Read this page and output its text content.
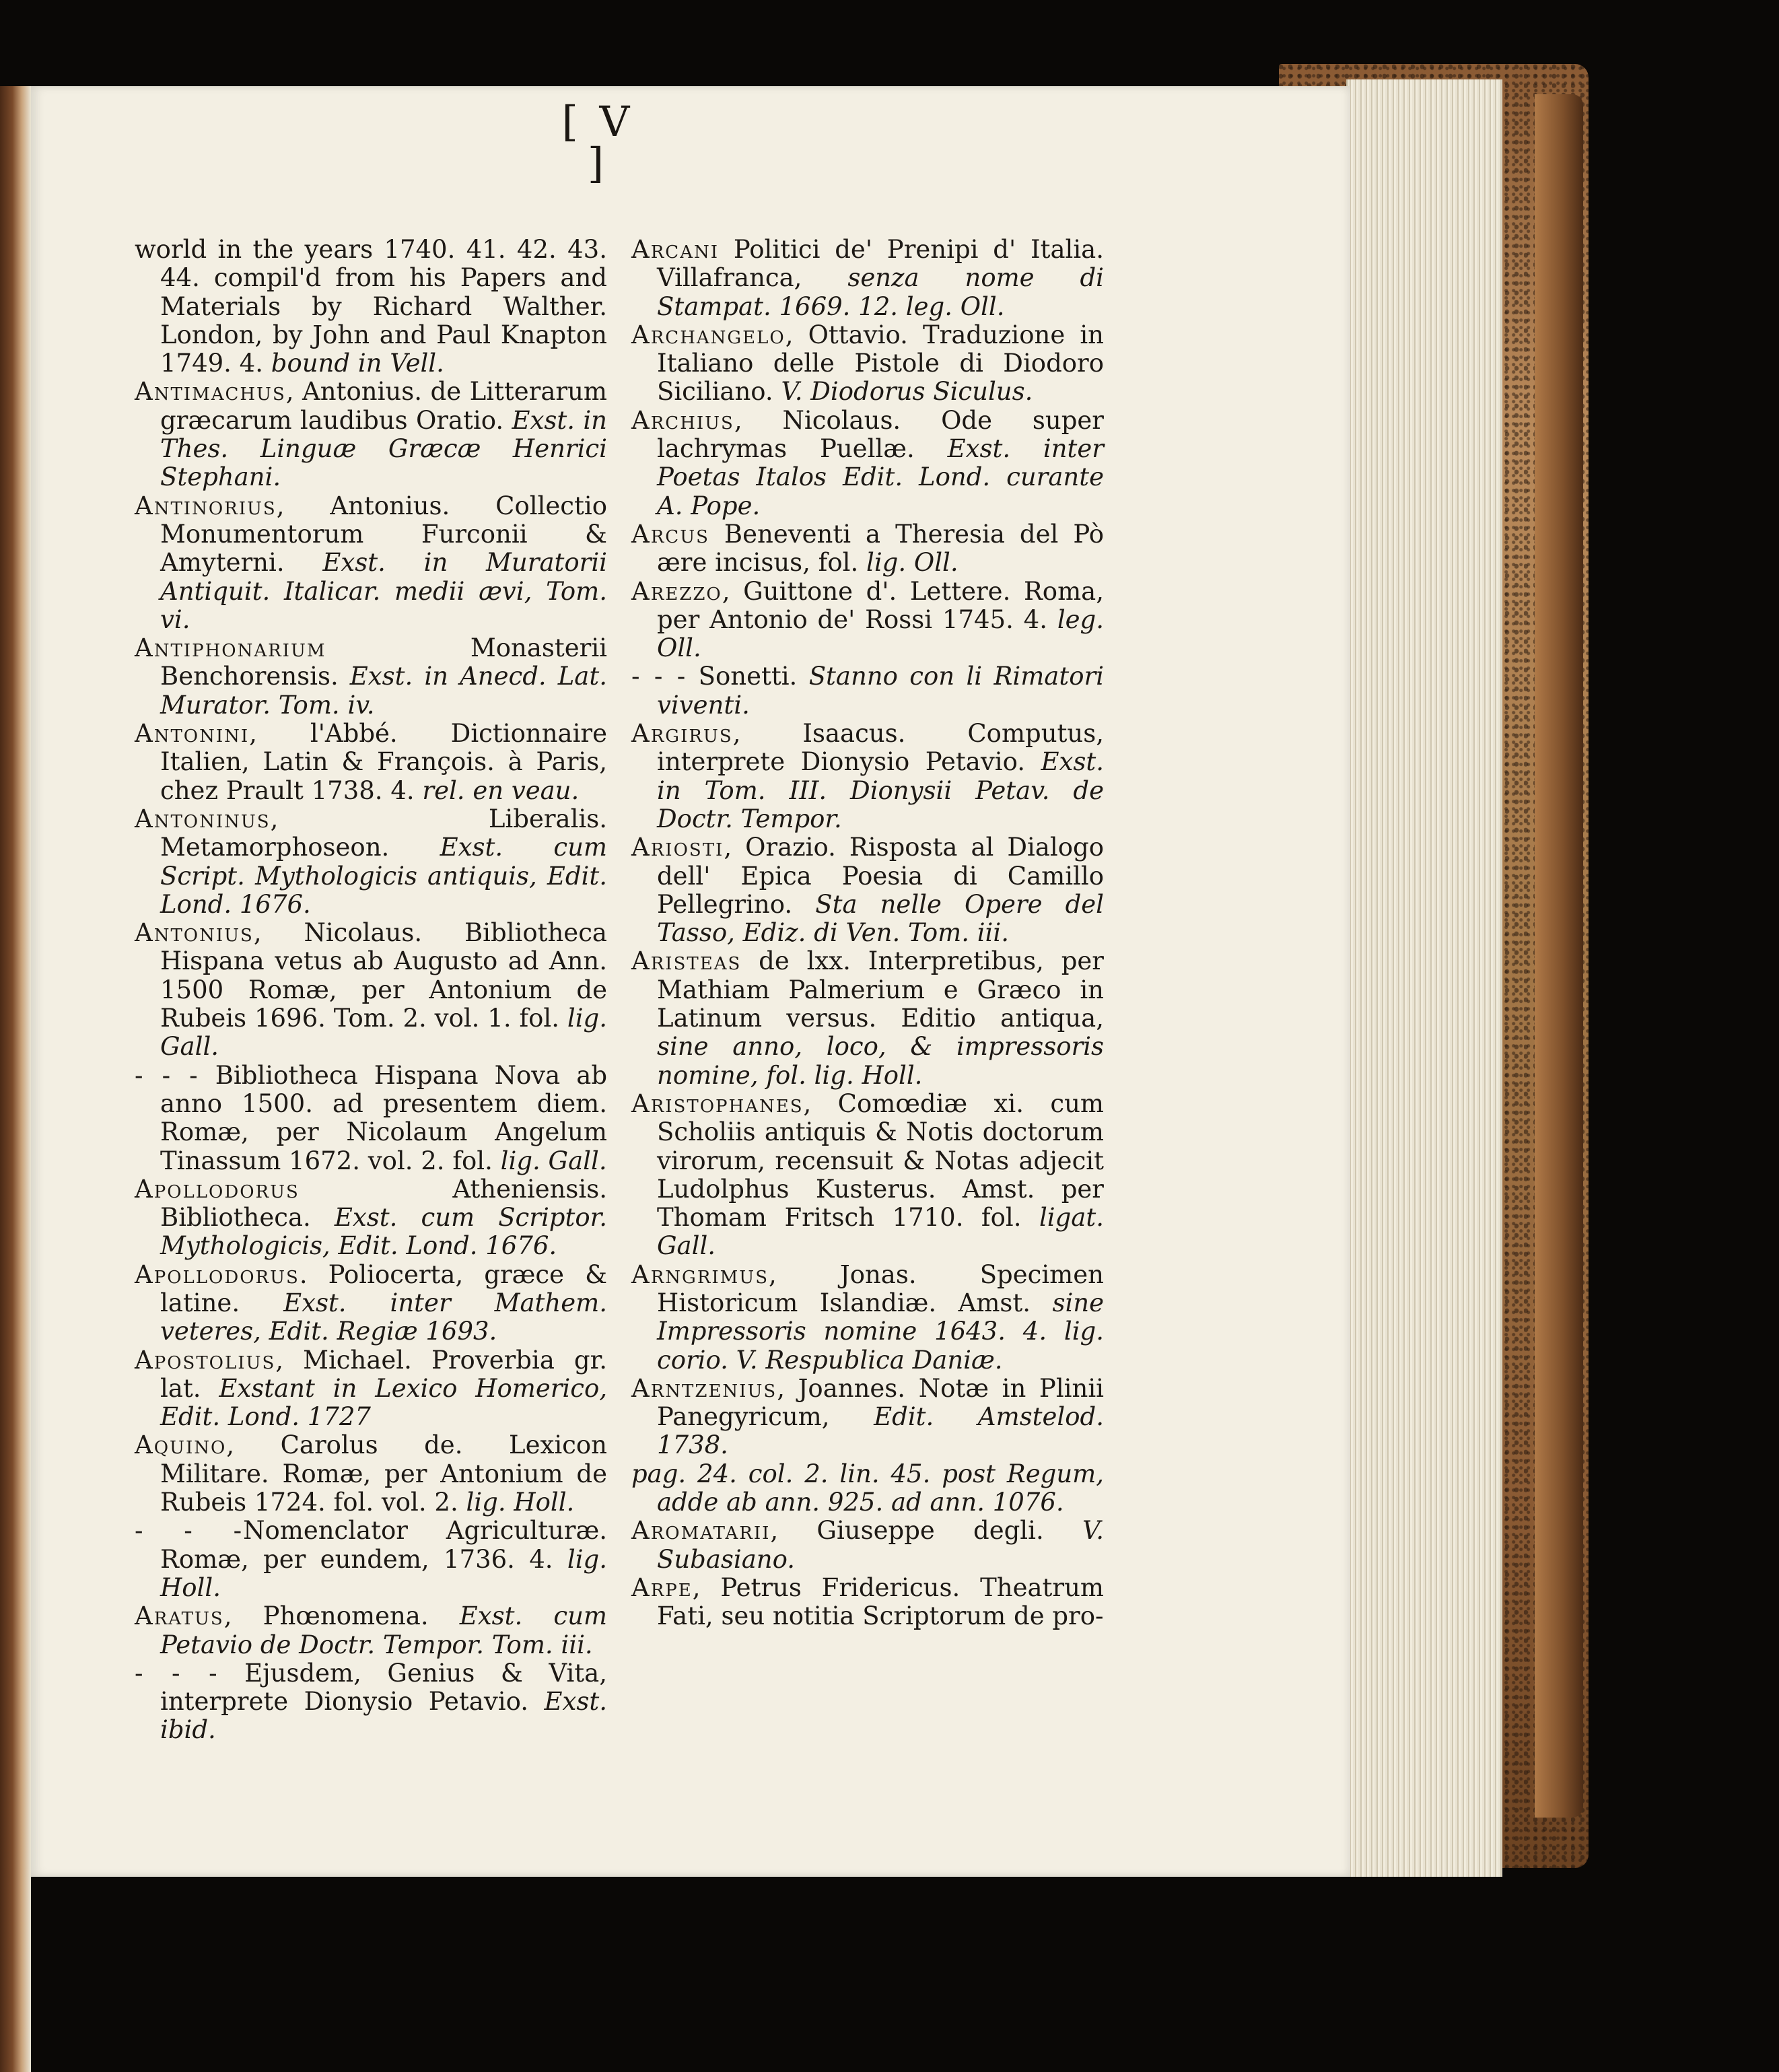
[ V ]

world in the years 1740. 41. 42. 43. 44. compil'd from his Papers and Materials by Richard Walther. London, by John and Paul Knapton 1749. 4. bound in Vell.

Antimachus, Antonius. de Litterarum græcarum laudibus Oratio. Exst. in Thes. Linguæ Græcæ Henrici Stephani.

Antinorius, Antonius. Collectio Monumentorum Furconii & Amyterni. Exst. in Muratorii Antiquit. Italicar. medii ævi, Tom. vi.

Antiphonarium Monasterii Benchorensis. Exst. in Anecd. Lat. Murator. Tom. iv.

Antonini, l'Abbé. Dictionnaire Italien, Latin & François. à Paris, chez Prault 1738. 4. rel. en veau.

Antoninus, Liberalis. Metamorphoseon. Exst. cum Script. Mythologicis antiquis, Edit. Lond. 1676.

Antonius, Nicolaus. Bibliotheca Hispana vetus ab Augusto ad Ann. 1500 Romæ, per Antonium de Rubeis 1696. Tom. 2. vol. 1. fol. lig. Gall.

- - - Bibliotheca Hispana Nova ab anno 1500. ad presentem diem. Romæ, per Nicolaum Angelum Tinassum 1672. vol. 2. fol. lig. Gall.

Apollodorus Atheniensis. Bibliotheca. Exst. cum Scriptor. Mythologicis, Edit. Lond. 1676.

Apollodorus. Poliocerta, græce & latine. Exst. inter Mathem. veteres, Edit. Regiæ 1693.

Apostolius, Michael. Proverbia gr. lat. Exstant in Lexico Homerico, Edit. Lond. 1727

Aquino, Carolus de. Lexicon Militare. Romæ, per Antonium de Rubeis 1724. fol. vol. 2. lig. Holl.

- - -Nomenclator Agriculturæ. Romæ, per eundem, 1736. 4. lig. Holl.

Aratus, Phœnomena. Exst. cum Petavio de Doctr. Tempor. Tom. iii.

- - - Ejusdem, Genius & Vita, interprete Dionysio Petavio. Exst. ibid.

Arcani Politici de' Prenipi d' Italia. Villafranca, senza nome di Stampat. 1669. 12. leg. Oll.

Archangelo, Ottavio. Traduzione in Italiano delle Pistole di Diodoro Siciliano. V. Diodorus Siculus.

Archius, Nicolaus. Ode super lachrymas Puellæ. Exst. inter Poetas Italos Edit. Lond. curante A. Pope.

Arcus Beneventi a Theresia del Pò ære incisus, fol. lig. Oll.

Arezzo, Guittone d'. Lettere. Roma, per Antonio de' Rossi 1745. 4. leg. Oll.

- - - Sonetti. Stanno con li Rimatori viventi.

Argirus, Isaacus. Computus, interprete Dionysio Petavio. Exst. in Tom. III. Dionysii Petav. de Doctr. Tempor.

Ariosti, Orazio. Risposta al Dialogo dell' Epica Poesia di Camillo Pellegrino. Sta nelle Opere del Tasso, Ediz. di Ven. Tom. iii.

Aristeas de lxx. Interpretibus, per Mathiam Palmerium e Græco in Latinum versus. Editio antiqua, sine anno, loco, & impressoris nomine, fol. lig. Holl.

Aristophanes, Comœdiæ xi. cum Scholiis antiquis & Notis doctorum virorum, recensuit & Notas adjecit Ludolphus Kusterus. Amst. per Thomam Fritsch 1710. fol. ligat. Gall.

Arngrimus, Jonas. Specimen Historicum Islandiæ. Amst. sine Impressoris nomine 1643. 4. lig. corio. V. Respublica Daniæ.

Arntzenius, Joannes. Notæ in Plinii Panegyricum, Edit. Amstelod. 1738.

pag. 24. col. 2. lin. 45. post Regum, adde ab ann. 925. ad ann. 1076.

Aromatarii, Giuseppe degli. V. Subasiano.

Arpe, Petrus Fridericus. Theatrum Fati, seu notitia Scriptorum de pro-
